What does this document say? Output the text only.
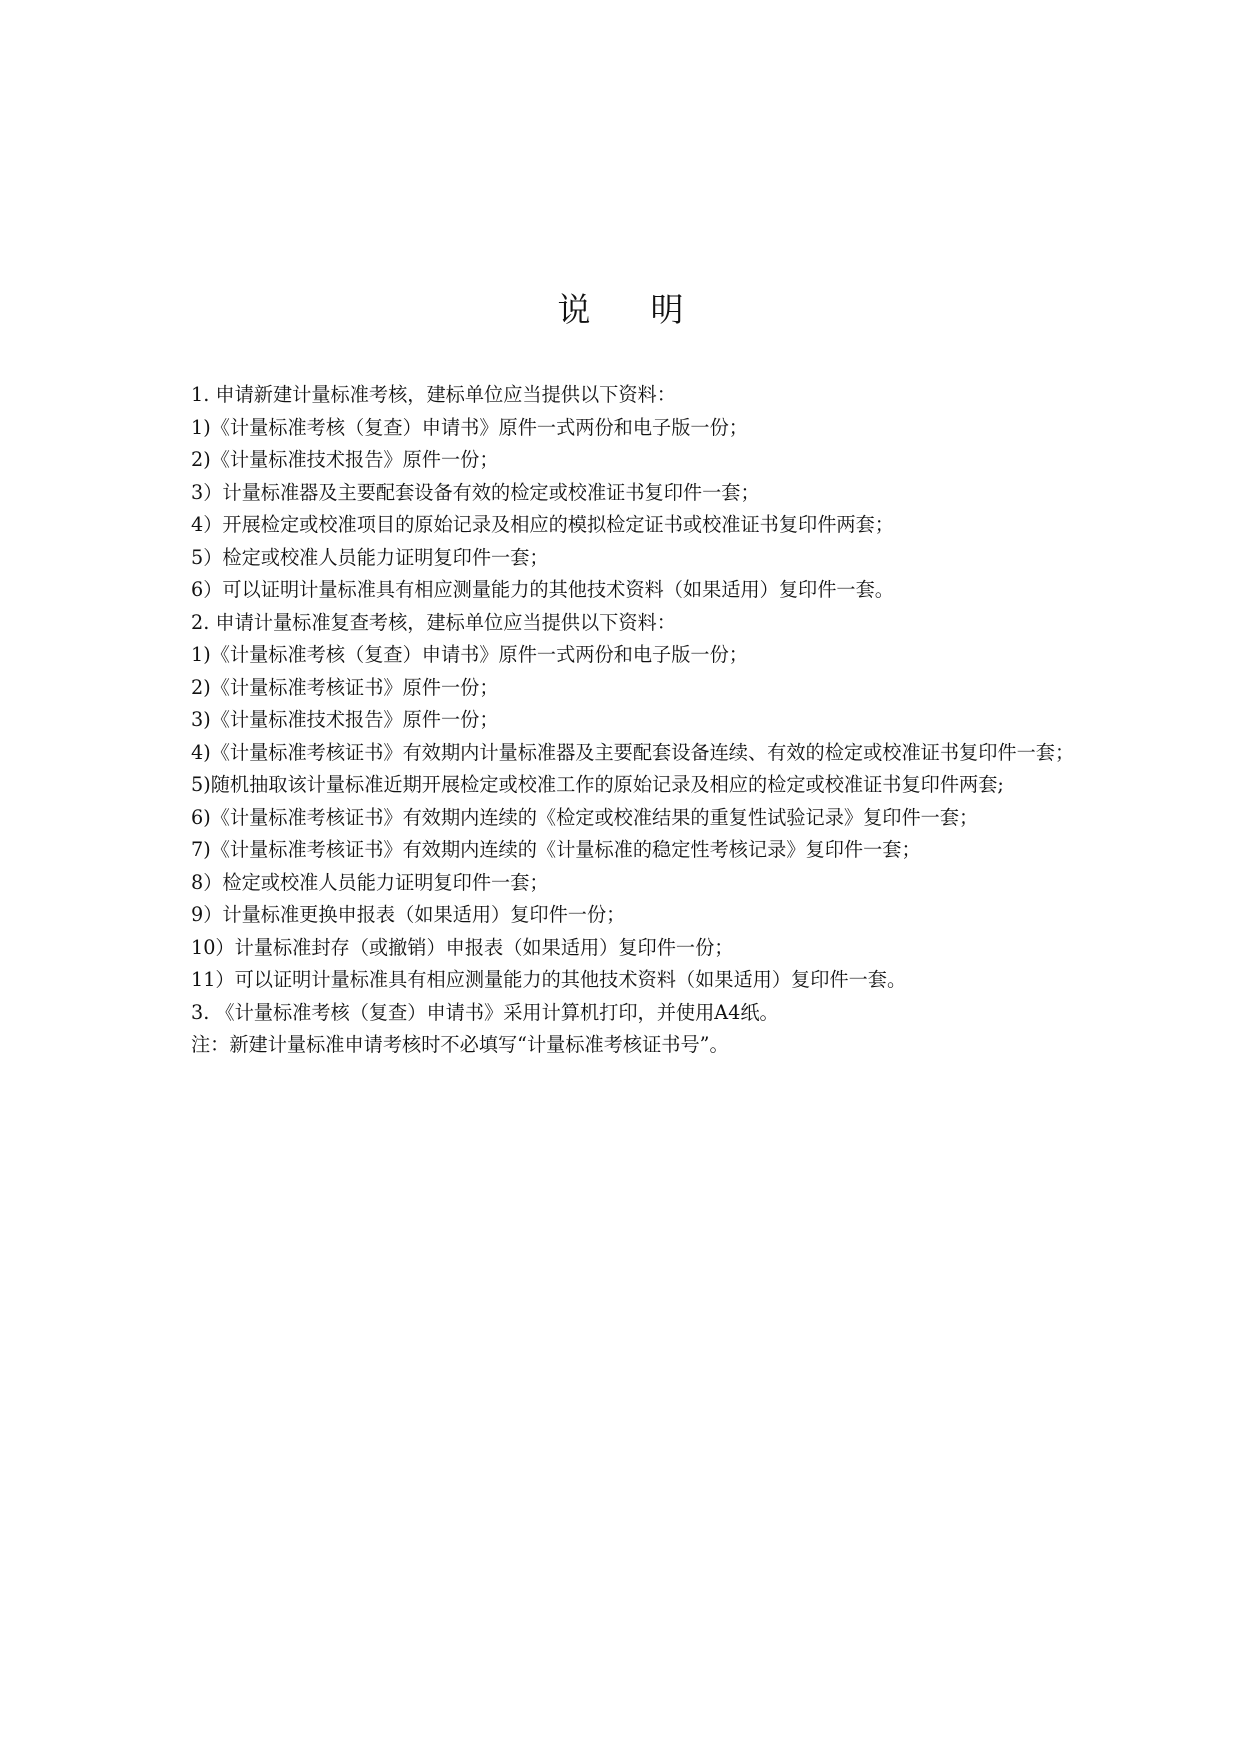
说明
1. 申请新建计量标准考核，建标单位应当提供以下资料：
1)《计量标准考核（复查）申请书》原件一式两份和电子版一份；
2)《计量标准技术报告》原件一份；
3）计量标准器及主要配套设备有效的检定或校准证书复印件一套；
4）开展检定或校准项目的原始记录及相应的模拟检定证书或校准证书复印件两套；
5）检定或校准人员能力证明复印件一套；
6）可以证明计量标准具有相应测量能力的其他技术资料（如果适用）复印件一套。
2. 申请计量标准复查考核，建标单位应当提供以下资料：
1)《计量标准考核（复查）申请书》原件一式两份和电子版一份；
2)《计量标准考核证书》原件一份；
3)《计量标准技术报告》原件一份；
4)《计量标准考核证书》有效期内计量标准器及主要配套设备连续、有效的检定或校准证书复印件一套；
5)随机抽取该计量标准近期开展检定或校准工作的原始记录及相应的检定或校准证书复印件两套;
6)《计量标准考核证书》有效期内连续的《检定或校准结果的重复性试验记录》复印件一套；
7)《计量标准考核证书》有效期内连续的《计量标准的稳定性考核记录》复印件一套；
8）检定或校准人员能力证明复印件一套；
9）计量标准更换申报表（如果适用）复印件一份；
10）计量标准封存（或撤销）申报表（如果适用）复印件一份；
11）可以证明计量标准具有相应测量能力的其他技术资料（如果适用）复印件一套。
3. 《计量标准考核（复查）申请书》采用计算机打印，并使用A4纸。
注：新建计量标准申请考核时不必填写“计量标准考核证书号”。
